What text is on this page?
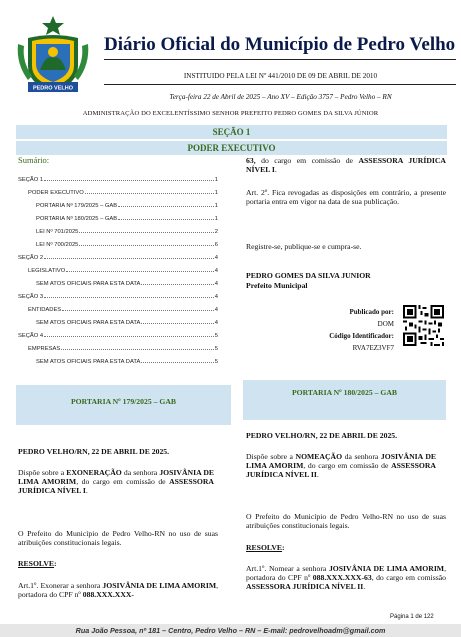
PEDRO VELHO
Diário Oficial do Município de Pedro Velho
INSTITUIDO PELA LEI Nº 441/2010 DE 09 DE ABRIL DE 2010
Terça-feira 22 de Abril de 2025 – Ano XV – Edição 3757 – Pedro Velho – RN
ADMINISTRAÇÃO DO EXCELENTÍSSIMO SENHOR PREFEITO PEDRO GOMES DA SILVA JÚNIOR
SEÇÃO 1
PODER EXECUTIVO
Sumário:
SEÇÃO 1	1
PODER EXECUTIVO	1
PORTARIA Nº 179/2025 – GAB	1
PORTARIA Nº 180/2025 – GAB	1
LEI Nº 701/2025	2
LEI Nº 700/2025	6
SEÇÃO 2	4
LEGISLATIVO	4
SEM ATOS OFICIAIS PARA ESTA DATA	4
SEÇÃO 3	4
ENTIDADES	4
SEM ATOS OFICIAIS PARA ESTA DATA	4
SEÇÃO 4	5
EMPRESAS	5
SEM ATOS OFICIAIS PARA ESTA DATA	5
63, do cargo em comissão de ASSESSORA JURÍDICA NÍVEL I.
Art. 2º. Fica revogadas as disposições em contrário, a presente portaria entra em vigor na data de sua publicação.
Registre-se, publique-se e cumpra-se.
PEDRO GOMES DA SILVA JUNIOR
Prefeito Municipal
Publicado por:
DOM
Código Identificador:
RVA7EZ3VF7
PORTARIA Nº 179/2025 – GAB
PEDRO VELHO/RN, 22 DE ABRIL DE 2025.
Dispõe sobre a EXONERAÇÃO da senhora JOSIVÂNIA DE LIMA AMORIM, do cargo em comissão de ASSESSORA JURÍDICA NÍVEL I.
O Prefeito do Município de Pedro Velho-RN no uso de suas atribuições constitucionais legais.
RESOLVE:
Art.1º. Exonerar a senhora JOSIVÂNIA DE LIMA AMORIM, portadora do CPF nº 088.XXX.XXX-
PORTARIA Nº 180/2025 – GAB
PEDRO VELHO/RN, 22 DE ABRIL DE 2025.
Dispõe sobre a NOMEAÇÃO da senhora JOSIVÂNIA DE LIMA AMORIM, do cargo em comissão de ASSESSORA JURÍDICA NÍVEL II.
O Prefeito do Município de Pedro Velho-RN no uso de suas atribuições constitucionais legais.
RESOLVE:
Art.1º. Nomear a senhora JOSIVÂNIA DE LIMA AMORIM, portadora do CPF nº 088.XXX.XXX-63, do cargo em comissão ASSESSORA JURÍDICA NÍVEL II.
Página 1 de 122
Rua João Pessoa, nº 181 – Centro, Pedro Velho – RN – E-mail: pedrovelhoadm@gmail.com
